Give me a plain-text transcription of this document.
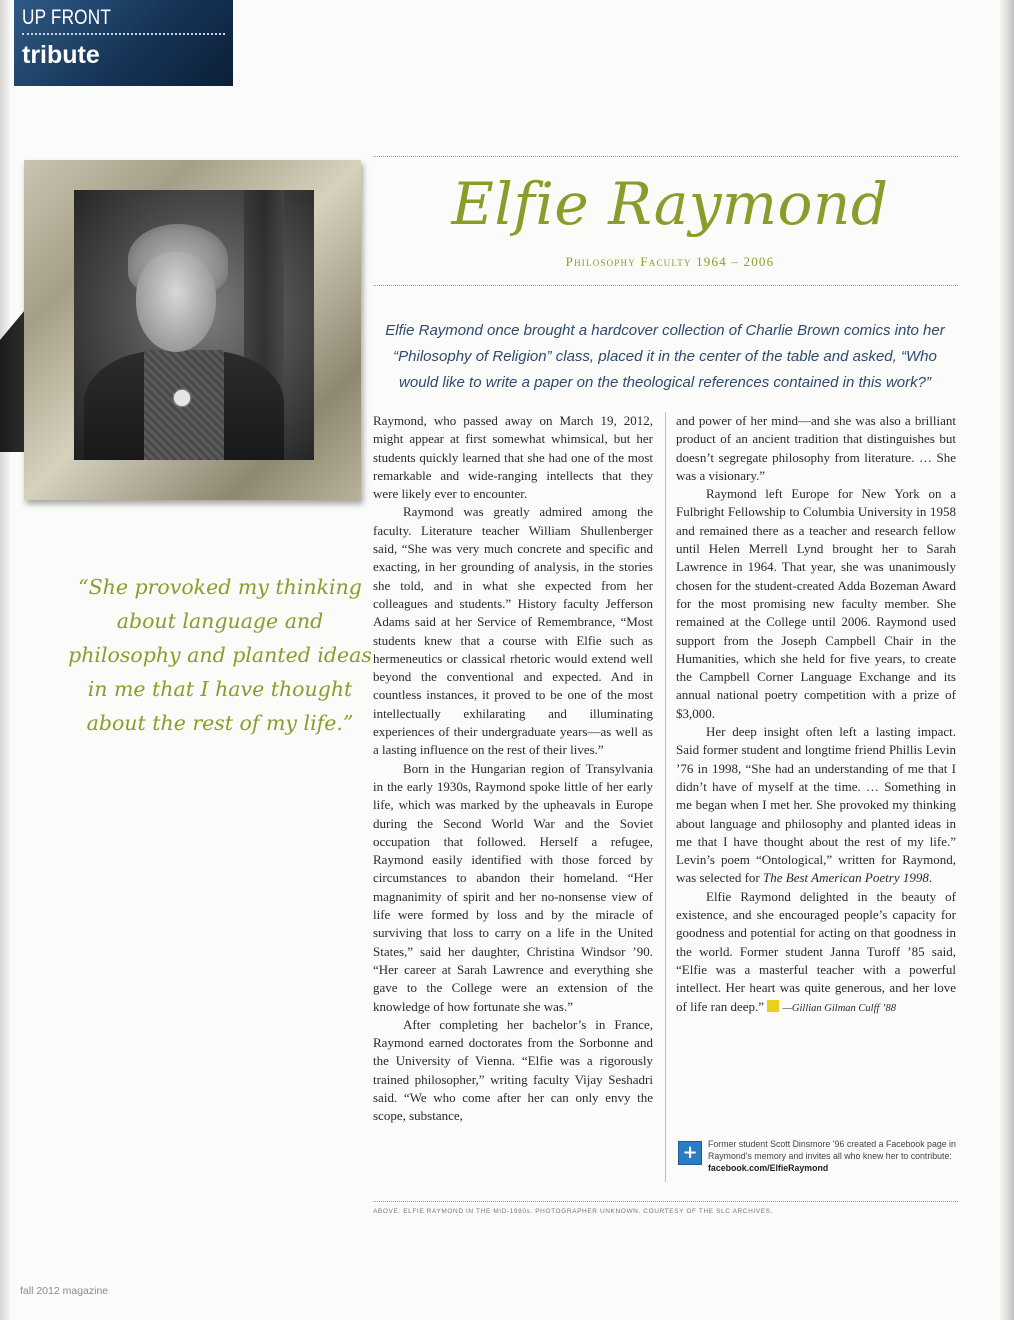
UP FRONT
tribute
“She provoked my thinking about language and philosophy and planted ideas in me that I have thought about the rest of my life.”
Elfie Raymond
Philosophy Faculty 1964 – 2006
Elfie Raymond once brought a hardcover collection of Charlie Brown comics into her “Philosophy of Religion” class, placed it in the center of the table and asked, “Who would like to write a paper on the theological references contained in this work?”

Raymond, who passed away on March 19, 2012, might appear at first somewhat whimsical, but her students quickly learned that she had one of the most remarkable and wide-ranging intellects that they were likely ever to encounter.

Raymond was greatly admired among the faculty. Literature teacher William Shullenberger said, “She was very much concrete and specific and exacting, in her grounding of analysis, in the stories she told, and in what she expected from her colleagues and students.” History faculty Jefferson Adams said at her Service of Remembrance, “Most students knew that a course with Elfie such as hermeneutics or classical rhetoric would extend well beyond the conventional and expected. And in countless instances, it proved to be one of the most intellectually exhilarating and illuminating experiences of their undergraduate years—as well as a lasting influence on the rest of their lives.”

Born in the Hungarian region of Transylvania in the early 1930s, Raymond spoke little of her early life, which was marked by the upheavals in Europe during the Second World War and the Soviet occupation that followed. Herself a refugee, Raymond easily identified with those forced by circumstances to abandon their homeland. “Her magnanimity of spirit and her no-nonsense view of life were formed by loss and by the miracle of surviving that loss to carry on a life in the United States,” said her daughter, Christina Windsor ’90. “Her career at Sarah Lawrence and everything she gave to the College were an extension of the knowledge of how fortunate she was.”

After completing her bachelor’s in France, Raymond earned doctorates from the Sorbonne and the University of Vienna. “Elfie was a rigorously trained philosopher,” writing faculty Vijay Seshadri said. “We who come after her can only envy the scope, substance,

and power of her mind—and she was also a brilliant product of an ancient tradition that distinguishes but doesn’t segregate philosophy from literature. … She was a visionary.”

Raymond left Europe for New York on a Fulbright Fellowship to Columbia University in 1958 and remained there as a teacher and research fellow until Helen Merrell Lynd brought her to Sarah Lawrence in 1964. That year, she was unanimously chosen for the student-created Adda Bozeman Award for the most promising new faculty member. She remained at the College until 2006. Raymond used support from the Joseph Campbell Chair in the Humanities, which she held for five years, to create the Campbell Corner Language Exchange and its annual national poetry competition with a prize of $3,000.

Her deep insight often left a lasting impact. Said former student and longtime friend Phillis Levin ’76 in 1998, “She had an understanding of me that I didn’t have of myself at the time. … Something in me began when I met her. She provoked my thinking about language and philosophy and planted ideas in me that I have thought about the rest of my life.” Levin’s poem “Ontological,” written for Raymond, was selected for The Best American Poetry 1998.

Elfie Raymond delighted in the beauty of existence, and she encouraged people’s capacity for goodness and potential for acting on that goodness in the world. Former student Janna Turoff ’85 said, “Elfie was a masterful teacher with a powerful intellect. Her heart was quite generous, and her love of life ran deep.” —Gillian Gilman Culff ’88

+	Former student Scott Dinsmore ’96 created a Facebook page in Raymond’s memory and invites all who knew her to contribute:
facebook.com/ElfieRaymond
ABOVE: ELFIE RAYMOND IN THE MID-1980s. PHOTOGRAPHER UNKNOWN. COURTESY OF THE SLC ARCHIVES.
fall 2012 magazine
